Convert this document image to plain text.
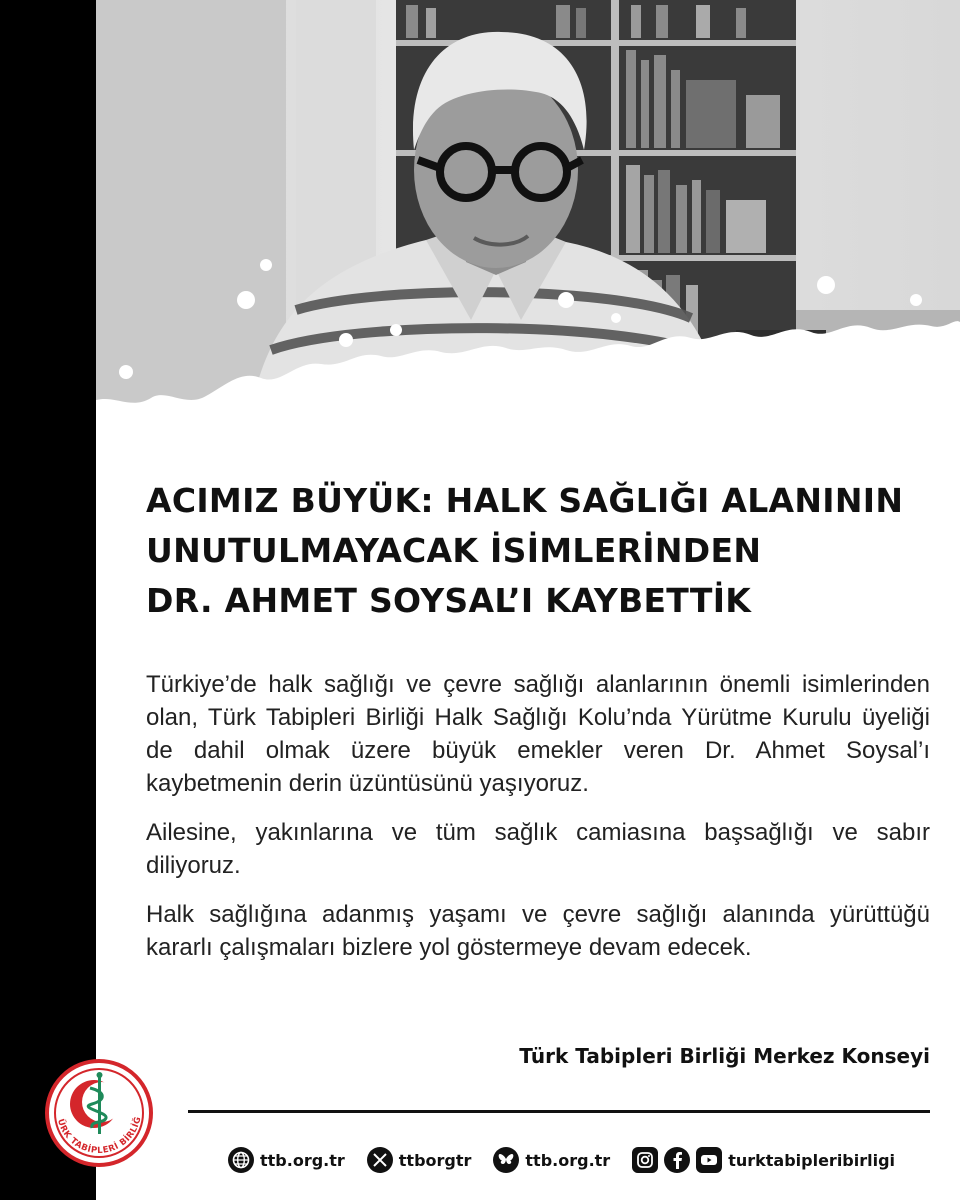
ACIMIZ BÜYÜK: HALK SAĞLIĞI ALANININ
UNUTULMAYACAK İSİMLERİNDEN
DR. AHMET SOYSAL’I KAYBETTİK

Türkiye’de halk sağlığı ve çevre sağlığı alanlarının önemli isimlerinden olan, Türk Tabipleri Birliği Halk Sağlığı Kolu’nda Yürütme Kurulu üyeliği de dahil olmak üzere büyük emekler veren Dr. Ahmet Soysal’ı kaybetmenin derin üzüntüsünü yaşıyoruz.

Ailesine, yakınlarına ve tüm sağlık camiasına başsağlığı ve sabır diliyoruz.

Halk sağlığına adanmış yaşamı ve çevre sağlığı alanında yürüttüğü kararlı çalışmaları bizlere yol göstermeye devam edecek.

Türk Tabipleri Birliği Merkez Konseyi
ÜRK TABİPLERİ BİRLİĞ
ttb.org.tr	ttborgtr	ttb.org.tr	turktabipleribirligi
